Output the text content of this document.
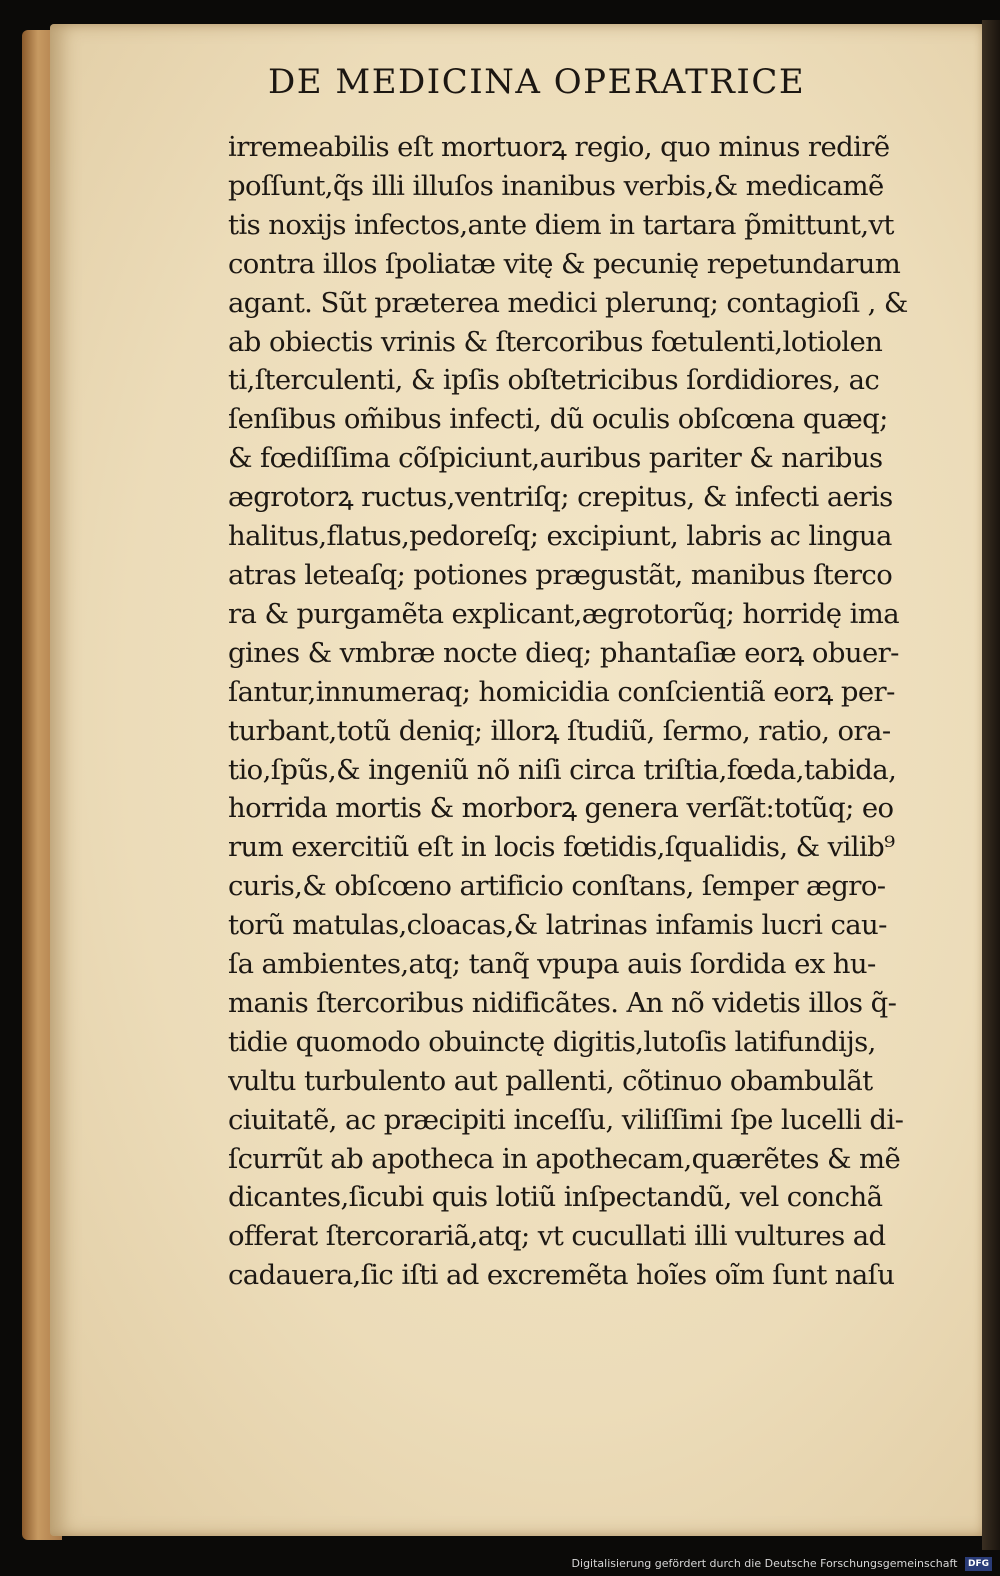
DE MEDICINA OPERATRICE
irremeabilis eſt mortuorꝝ regio, quo minus redirẽ
poſſunt,q̃s illi illuſos inanibus verbis,& medicamẽ
tis noxijs infectos,ante diem in tartara p̃mittunt,vt
contra illos ſpoliatæ vitę & pecunię repetundarum
agant. Sũt præterea medici plerunq; contagioſi , &
ab obiectis vrinis & ſtercoribus fœtulenti,lotiolen
ti,ſterculenti, & ipſis obſtetricibus ſordidiores, ac
ſenſibus om̃ibus infecti, dũ oculis obſcœna quæq;
& fœdiſſima cõſpiciunt,auribus pariter & naribus
ægrotorꝝ ructus,ventriſq; crepitus, & infecti aeris
halitus,flatus,pedoreſq; excipiunt, labris ac lingua
atras leteaſq; potiones prægustãt, manibus ſterco
ra & purgamẽta explicant,ægrotorũq; horridę ima
gines & vmbræ nocte dieq; phantaſiæ eorꝝ obuer-
ſantur,innumeraq; homicidia conſcientiã eorꝝ per-
turbant,totũ deniq; illorꝝ ſtudiũ, ſermo, ratio, ora-
tio,ſpũs,& ingeniũ nõ niſi circa triſtia,fœda,tabida,
horrida mortis & morborꝝ genera verſãt:totũq; eo
rum exercitiũ eſt in locis fœtidis,ſqualidis, & vilib⁹
curis,& obſcœno artificio conſtans, ſemper ægro-
torũ matulas,cloacas,& latrinas infamis lucri cau-
ſa ambientes,atq; tanq̃ vpupa auis ſordida ex hu-
manis ſtercoribus nidificãtes. An nõ videtis illos q̃-
tidie quomodo obuinctę digitis,lutoſis latifundijs,
vultu turbulento aut pallenti, cõtinuo obambulãt
ciuitatẽ, ac præcipiti inceſſu, viliſſimi ſpe lucelli di-
ſcurrũt ab apotheca in apothecam,quærẽtes & mẽ
dicantes,ſicubi quis lotiũ inſpectandũ, vel conchã
offerat ſtercorariã,atq; vt cucullati illi vultures ad
cadauera,ſic iſti ad excremẽta hoĩes oĩm ſunt naſu
Digitalisierung gefördert durch die Deutsche Forschungsgemeinschaft DFG
